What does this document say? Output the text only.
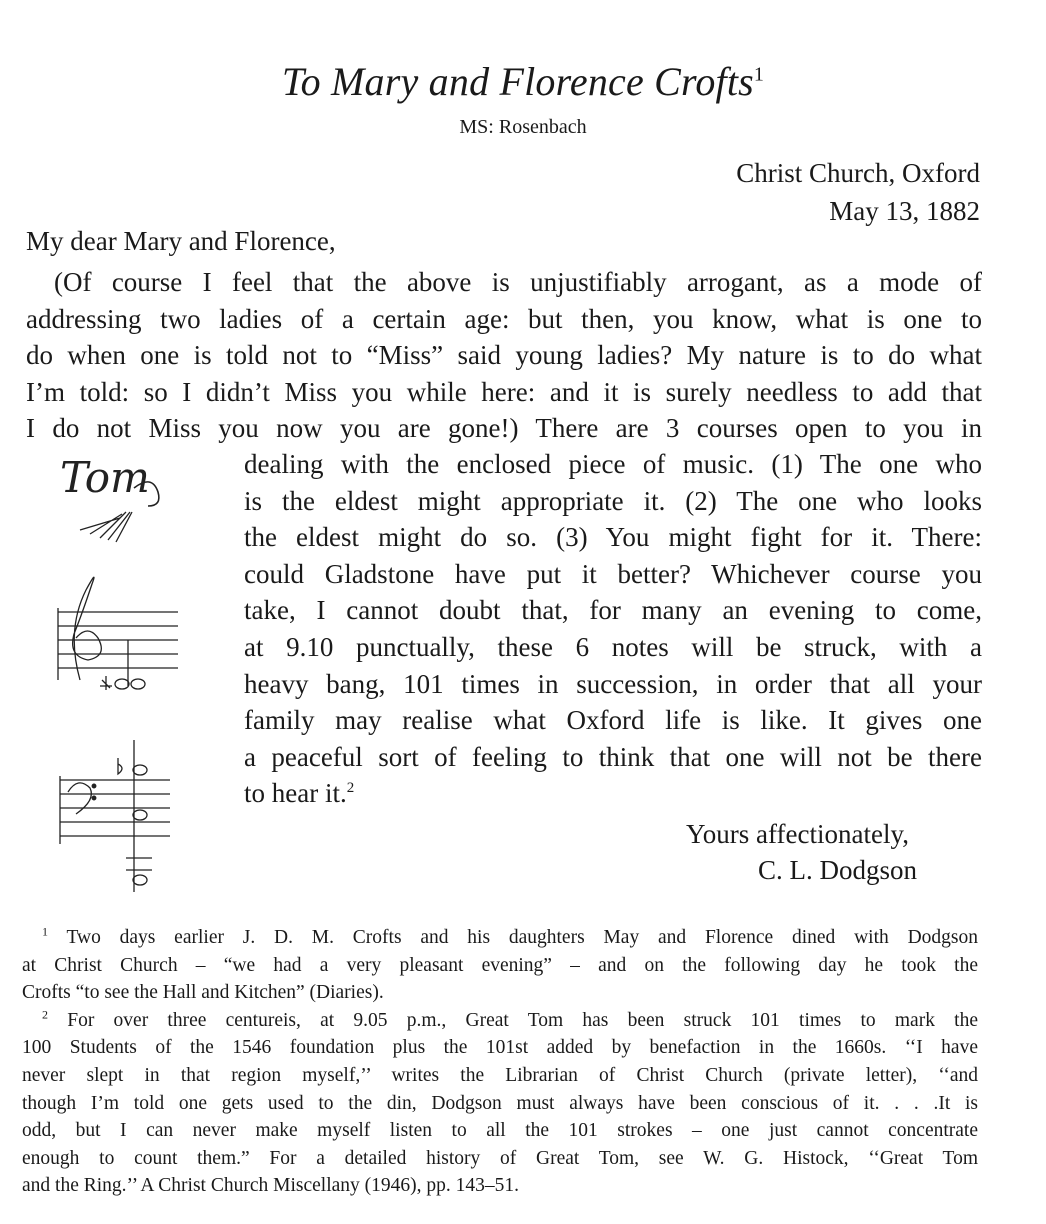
To Mary and Florence Crofts$^1$
MS: Rosenbach
Christ Church, Oxford
May 13, 1882
My dear Mary and Florence,
(Of course I feel that the above is unjustifiably arrogant, as a mode of
addressing two ladies of a certain age: but then, you know, what is one to
do when one is told not to “Miss” said young ladies? My nature is to do what
I’m told: so I didn’t Miss you while here: and it is surely needless to add that
I do not Miss you now you are gone!) There are 3 courses open to you in
Tom	dealing with the enclosed piece of music. (1) The one who
is the eldest might appropriate it. (2) The one who looks
the eldest might do so. (3) You might fight for it. There:
could Gladstone have put it better? Whichever course you
take, I cannot doubt that, for many an evening to come,
at 9.10 punctually, these 6 notes will be struck, with a
heavy bang, 101 times in succession, in order that all your
family may realise what Oxford life is like. It gives one
a peaceful sort of feeling to think that one will not be there
to hear it.$^2$
Yours affectionately,
C. L. Dodgson
$^1$ Two days earlier J. D. M. Crofts and his daughters May and Florence dined with Dodgson
at Christ Church – “we had a very pleasant evening” – and on the following day he took the
Crofts “to see the Hall and Kitchen” (Diaries).
$^2$ For over three centureis, at 9.05 p.m., Great Tom has been struck 101 times to mark the
100 Students of the 1546 foundation plus the 101st added by benefaction in the 1660s. ‘‘I have
never slept in that region myself,’’ writes the Librarian of Christ Church (private letter), ‘‘and
though I’m told one gets used to the din, Dodgson must always have been conscious of it. . . .It is
odd, but I can never make myself listen to all the 101 strokes – one just cannot concentrate
enough to count them.” For a detailed history of Great Tom, see W. G. Histock, ‘‘Great Tom
and the Ring.’’ A Christ Church Miscellany (1946), pp. 143–51.
